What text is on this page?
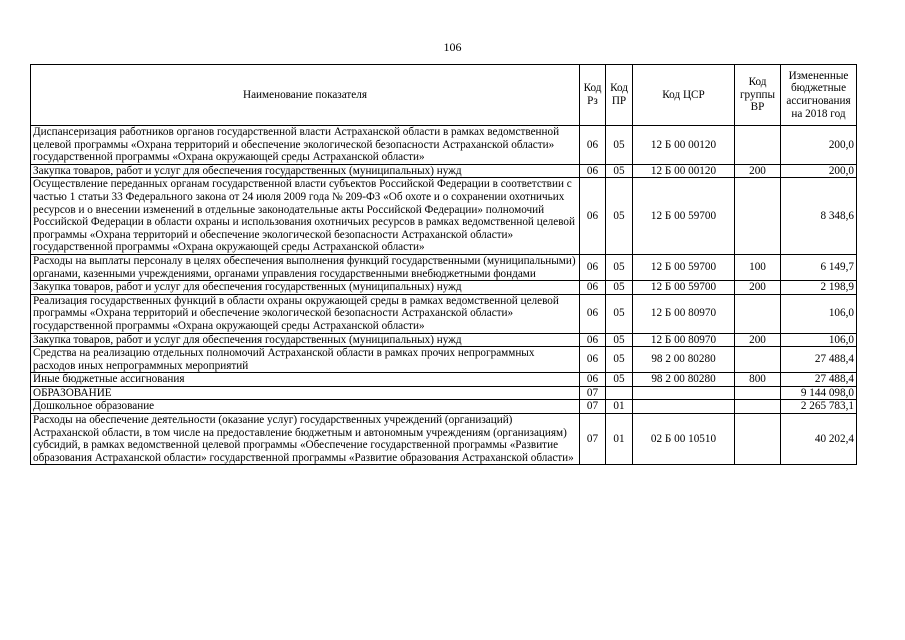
106
Наименование показателя	Код Рз	Код ПР	Код ЦСР	Код группы ВР	Измененные бюджетные ассигнования на 2018 год
Диспансеризация работников органов государственной власти Астраханской области в рамках ведомственной целевой программы «Охрана территорий и обеспечение экологической безопасности Астраханской области» государственной программы «Охрана окружающей среды Астраханской области»	06	05	12 Б 00 00120		200,0
Закупка товаров, работ и услуг для обеспечения государственных (муниципальных) нужд	06	05	12 Б 00 00120	200	200,0
Осуществление переданных органам государственной власти субъектов Российской Федерации в соответствии с частью 1 статьи 33 Федерального закона от 24 июля 2009 года № 209-ФЗ «Об охоте и о сохранении охотничьих ресурсов и о внесении изменений в отдельные законодательные акты Российской Федерации» полномочий Российской Федерации в области охраны и использования охотничьих ресурсов в рамках ведомственной целевой программы «Охрана территорий и обеспечение экологической безопасности Астраханской области» государственной программы «Охрана окружающей среды Астраханской области»	06	05	12 Б 00 59700		8 348,6
Расходы на выплаты персоналу в целях обеспечения выполнения функций государственными (муниципальными) органами, казенными учреждениями, органами управления государственными внебюджетными фондами	06	05	12 Б 00 59700	100	6 149,7
Закупка товаров, работ и услуг для обеспечения государственных (муниципальных) нужд	06	05	12 Б 00 59700	200	2 198,9
Реализация государственных функций в области охраны окружающей среды в рамках ведомственной целевой программы «Охрана территорий и обеспечение экологической безопасности Астраханской области» государственной программы «Охрана окружающей среды Астраханской области»	06	05	12 Б 00 80970		106,0
Закупка товаров, работ и услуг для обеспечения государственных (муниципальных) нужд	06	05	12 Б 00 80970	200	106,0
Средства на реализацию отдельных полномочий Астраханской области в рамках прочих непрограммных расходов иных непрограммных мероприятий	06	05	98 2 00 80280		27 488,4
Иные бюджетные ассигнования	06	05	98 2 00 80280	800	27 488,4
ОБРАЗОВАНИЕ	07				9 144 098,0
Дошкольное образование	07	01			2 265 783,1
Расходы на обеспечение деятельности (оказание услуг) государственных учреждений (организаций) Астраханской области, в том числе на предоставление бюджетным и автономным учреждениям (организациям) субсидий, в рамках ведомственной целевой программы «Обеспечение государственной программы «Развитие образования Астраханской области» государственной программы «Развитие образования Астраханской области»	07	01	02 Б 00 10510		40 202,4
